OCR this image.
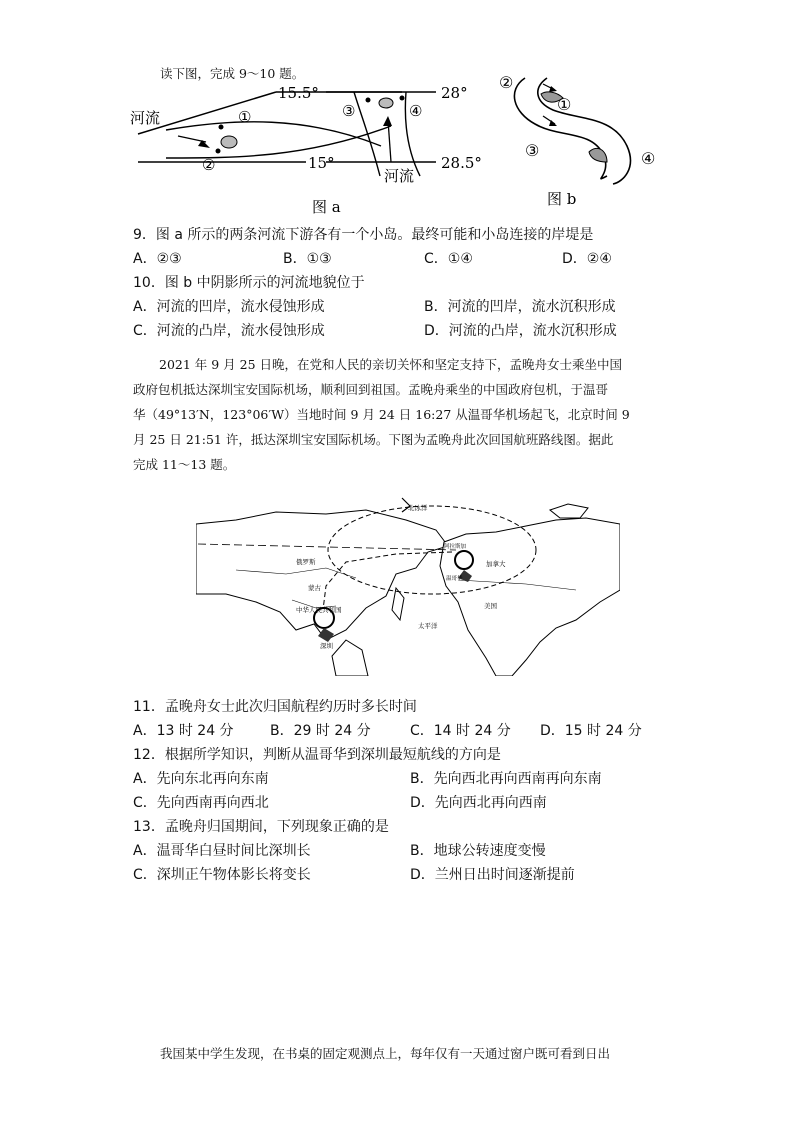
读下图，完成 9～10 题。
河流
15.5°
15°
①
②
28°
28.5°
③	④
河流
图 a
②
①
③	④
图 b
9．图 a 所示的两条河流下游各有一个小岛。最终可能和小岛连接的岸堤是
A．②③	B．①③	C．①④	D．②④
10．图 b 中阴影所示的河流地貌位于
A．河流的凹岸，流水侵蚀形成	B．河流的凹岸，流水沉积形成
C．河流的凸岸，流水侵蚀形成	D．河流的凸岸，流水沉积形成
2021 年 9 月 25 日晚，在党和人民的亲切关怀和坚定支持下，孟晚舟女士乘坐中国
政府包机抵达深圳宝安国际机场，顺利回到祖国。孟晚舟乘坐的中国政府包机，于温哥
华（49°13′N，123°06′W）当地时间 9 月 24 日 16:27 从温哥华机场起飞，北京时间 9
月 25 日 21:51 许，抵达深圳宝安国际机场。下图为孟晚舟此次回国航班路线图。据此
完成 11～13 题。
北冰洋
俄罗斯
蒙古
中华人民共和国
深圳
太平洋
加拿大
美国
温哥华
阿拉斯加
11．孟晚舟女士此次归国航程约历时多长时间
A．13 时 24 分	B．29 时 24 分	C．14 时 24 分 D．15 时 24 分
12．根据所学知识，判断从温哥华到深圳最短航线的方向是
A．先向东北再向东南	B．先向西北再向西南再向东南
C．先向西南再向西北	D．先向西北再向西南
13．孟晚舟归国期间，下列现象正确的是
A．温哥华白昼时间比深圳长	B．地球公转速度变慢
C．深圳正午物体影长将变长	D．兰州日出时间逐渐提前
我国某中学生发现，在书桌的固定观测点上，每年仅有一天通过窗户既可看到日出
